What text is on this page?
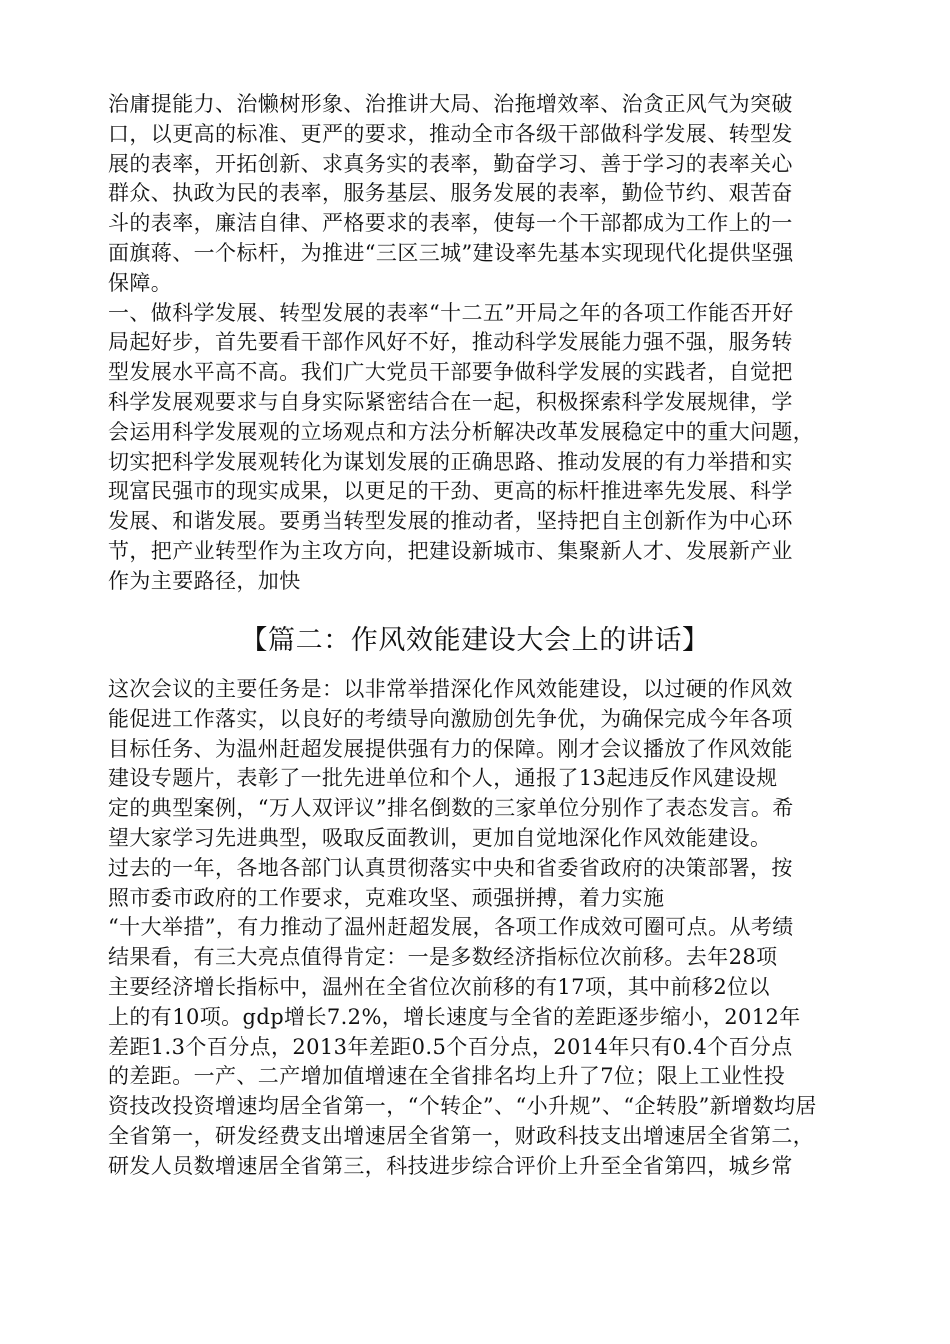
治庸提能力、治懒树形象、治推讲大局、治拖增效率、治贪正风气为突破
口，以更高的标准、更严的要求，推动全市各级干部做科学发展、转型发
展的表率，开拓创新、求真务实的表率，勤奋学习、善于学习的表率关心
群众、执政为民的表率，服务基层、服务发展的表率，勤俭节约、艰苦奋
斗的表率，廉洁自律、严格要求的表率，使每一个干部都成为工作上的一
面旗蒋、一个标杆，为推进“三区三城”建设率先基本实现现代化提供坚强
保障。
一、做科学发展、转型发展的表率“十二五”开局之年的各项工作能否开好
局起好步，首先要看干部作风好不好，推动科学发展能力强不强，服务转
型发展水平高不高。我们广大党员干部要争做科学发展的实践者，自觉把
科学发展观要求与自身实际紧密结合在一起，积极探索科学发展规律，学
会运用科学发展观的立场观点和方法分析解决改革发展稳定中的重大问题，
切实把科学发展观转化为谋划发展的正确思路、推动发展的有力举措和实
现富民强市的现实成果，以更足的干劲、更高的标杆推进率先发展、科学
发展、和谐发展。要勇当转型发展的推动者，坚持把自主创新作为中心环
节，把产业转型作为主攻方向，把建设新城市、集聚新人才、发展新产业
作为主要路径，加快
【篇二：作风效能建设大会上的讲话】
这次会议的主要任务是：以非常举措深化作风效能建设，以过硬的作风效
能促进工作落实，以良好的考绩导向激励创先争优，为确保完成今年各项
目标任务、为温州赶超发展提供强有力的保障。刚才会议播放了作风效能
建设专题片，表彰了一批先进单位和个人，通报了13起违反作风建设规
定的典型案例，“万人双评议”排名倒数的三家单位分别作了表态发言。希
望大家学习先进典型，吸取反面教训，更加自觉地深化作风效能建设。
过去的一年，各地各部门认真贯彻落实中央和省委省政府的决策部署，按
照市委市政府的工作要求，克难攻坚、顽强拼搏，着力实施
“十大举措”，有力推动了温州赶超发展，各项工作成效可圈可点。从考绩
结果看，有三大亮点值得肯定：一是多数经济指标位次前移。去年28项
主要经济增长指标中，温州在全省位次前移的有17项，其中前移2位以
上的有10项。gdp增长7.2%，增长速度与全省的差距逐步缩小，2012年
差距1.3个百分点，2013年差距0.5个百分点，2014年只有0.4个百分点
的差距。一产、二产增加值增速在全省排名均上升了7位；限上工业性投
资技改投资增速均居全省第一，“个转企”、“小升规”、“企转股”新增数均居
全省第一，研发经费支出增速居全省第一，财政科技支出增速居全省第二，
研发人员数增速居全省第三，科技进步综合评价上升至全省第四，城乡常
